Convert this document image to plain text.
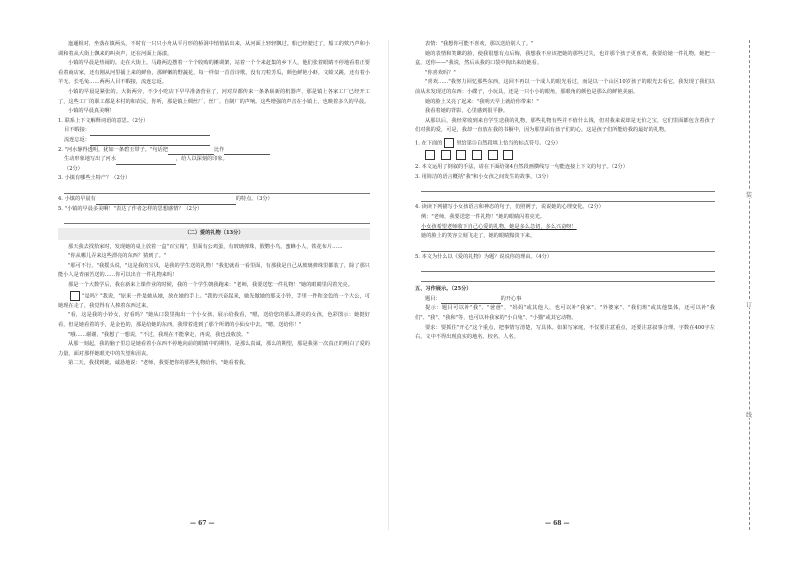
迤逦相对，坐落在镇两头，不时有一只只小舟从平月形的桥洞中悄悄钻出来，从河面上轻轻飘过。船已经驶过了，船工的欸乃声和小调和着从大街上飘来的叫卖声，还在河面上荡漾。

小镇的早晨是热闹的。走在大街上，马路两边摆着一个个收购的摊调架，站着一个个来赶集的乡下人，他们张着眼睛不停地看着正要看着商店家，还有刚从河里捕上来的鲜鱼，那鲜嫩的野蔬花，每一样似一首首诗歌，没有刀粒芳瓜，颜色鲜艳小虾，文蛤又跳，还有着小羊无，长毛兔……两两人目不暇接，流连忘返。

小镇的早晨是紧张的。大街两旁，不少小吃店下早早准备营业了，河对岸都传来一条条崭新的机器声，那是镇上各家工厂已经开工了，这些工厂的职工都是本村的和农民，你听，那是镇上绸丝厂、丝厂、自制厂的声响。这些增强的声音在小镇上，也映着多久的早晨。

小镇的早晨真美啊！

1. 联系上下文解释词语的意思。（2分）

目不暇接：

流连忘返：

2. "河水静得透明，犹如一条碧玉带子。"句话把	比作

生动形象地写出了河水	，给人以深刻的印象。

（2分）

3. 小镇有哪些土特产？（2分）

4. 小镇的早晨有	的特点。（3分）

5. "小镇的早晨多美啊！"表达了作者怎样的思想感情？（2分）

（二）爱的礼物（13分）

那天我去找拾家时，发现她的桌上放着一盒"百宝箱"，里面有公鸡蛋，有玻璃弹珠，假鹦小鸟，蜜蜂小人，铁花布片……

"你从哪儿弄来这些漂亮的东西？猜到了。"

"那可不行，"我摇头说，"这是我的宝贝，是我的学生送的礼物！"我犯就看一看里面，有那我是自己从玻璃弹珠里都装了，除了那只能小人是青丽苦送的……你可以出自一件礼物来吗！

那是一个大数学后，我在新来上课作业的时候，我的一个学生朝我跑来："老师，我要送您一件礼物！"她的眼睛里闪着光亮。

"是吗？"我说，"原来一件是她从她，放在她的手上。"我的兴奋起来，她先做她的那支小铃，手里一件和金色的一个大公，可她现在走了，我觉得有人捧着东西过来。

"看，这是我的小铃女，好看吗？"她从口袋里掏出一个小女孩，展示给我看，"嗯，送给您的那么漂亮的女孩，色彩图示：她挺好看，但是她看着的手，是金色的，那是给她的东西，我带着进到了那个所谓的小仙女中去。"嗯，送给你！"

"哦……谢谢，"我想了一想说，"不过，我现在不能拿走，再说，我也没收放。"

从那一刻起，我的脑子里总是她看着小东西不停地向前的眼睛中的期待，是那么真诚，那么的期望，那是我第一次真正的明白了爱的力量，面对那样她眼光中的失望和沮丧。

第二天，我找到她，诚恳地说："老师，我要把你的那些礼物给你，"她看着我，

— 67 —

表情："我想你可能不喜欢，那以送给别人了。"

她的表情和笑眯的脸，使我很想有点后悔，我想我不应该把她的那些过失，也许那个孩子更喜欢，我要给她一件礼物，她把一盒，送你——"我说，然后从我的口袋中掏出来给她看。

"你喜欢吗？"

"喜欢……"我努力回忆那些东西，这回不再以一个成人的眼光看过，而是以一个山区10岁孩子的眼光去看它，我发现了我们以前从未发现过的东西：小碟子，小玩具，还是一只小小的眼角，那眼角的颜色是那么的鲜艳美丽。

她的脸上又亮了起来："我明天早上就给你带来！"

我看着她的背影，心里感到很平静。

从那以后，我经常收到来自学生送我的礼物，那些礼物有些并不值什么钱，但对我来说却是无价之宝，它们里面都包含着孩子们对我的爱，可是，我却一直放在我的书橱中，因为那里面有孩子们的心。这是孩子们所能给我的最好的礼物。

1. 在下面的	里给第⑤自然段填上恰当的标点符号。（2分）

2. 本文运用了倒叙的手法，请在下面给第4自然段画横线写一句能连接上下文的句子。（2分）

3. 用简洁的语言概括"我"和小女孩之间发生的故事。（3分）

4. 读读下列描写小女孩语言和神态的句子，仿照例子，说说她的心理变化。（2分）

例："老师，我要送您一件礼物！"她的眼睛闪着亮光。

小女孩希望老师收下自己心爱的礼物，她是多么急切，多么兴奋呀！

她的脸上的笑容立刻飞走了，她的眼睛黯淡下来。

5. 本文为什么以《爱的礼物》为题？说说你的理由。（4分）

五、习作展示。（25分）

题目：	的开心事

提示：题目可以补"我"、"爸爸"、"妈妈"或其他人，也可以补"我家"、"外婆家"、"我们班"或其他集体，还可以补"我们"、"我"、"我和"等，也可以补我家的"小白兔"、"小猫"或其它动物。

要求：要抓住"开心"这个重点，把事情写清楚，写具体。如果写家庭，不仅要注意重点，还要注意叙事合理。字数在400字左右，文中不得出现真实的地名、校名、人名。

— 68 —
装
订
线
